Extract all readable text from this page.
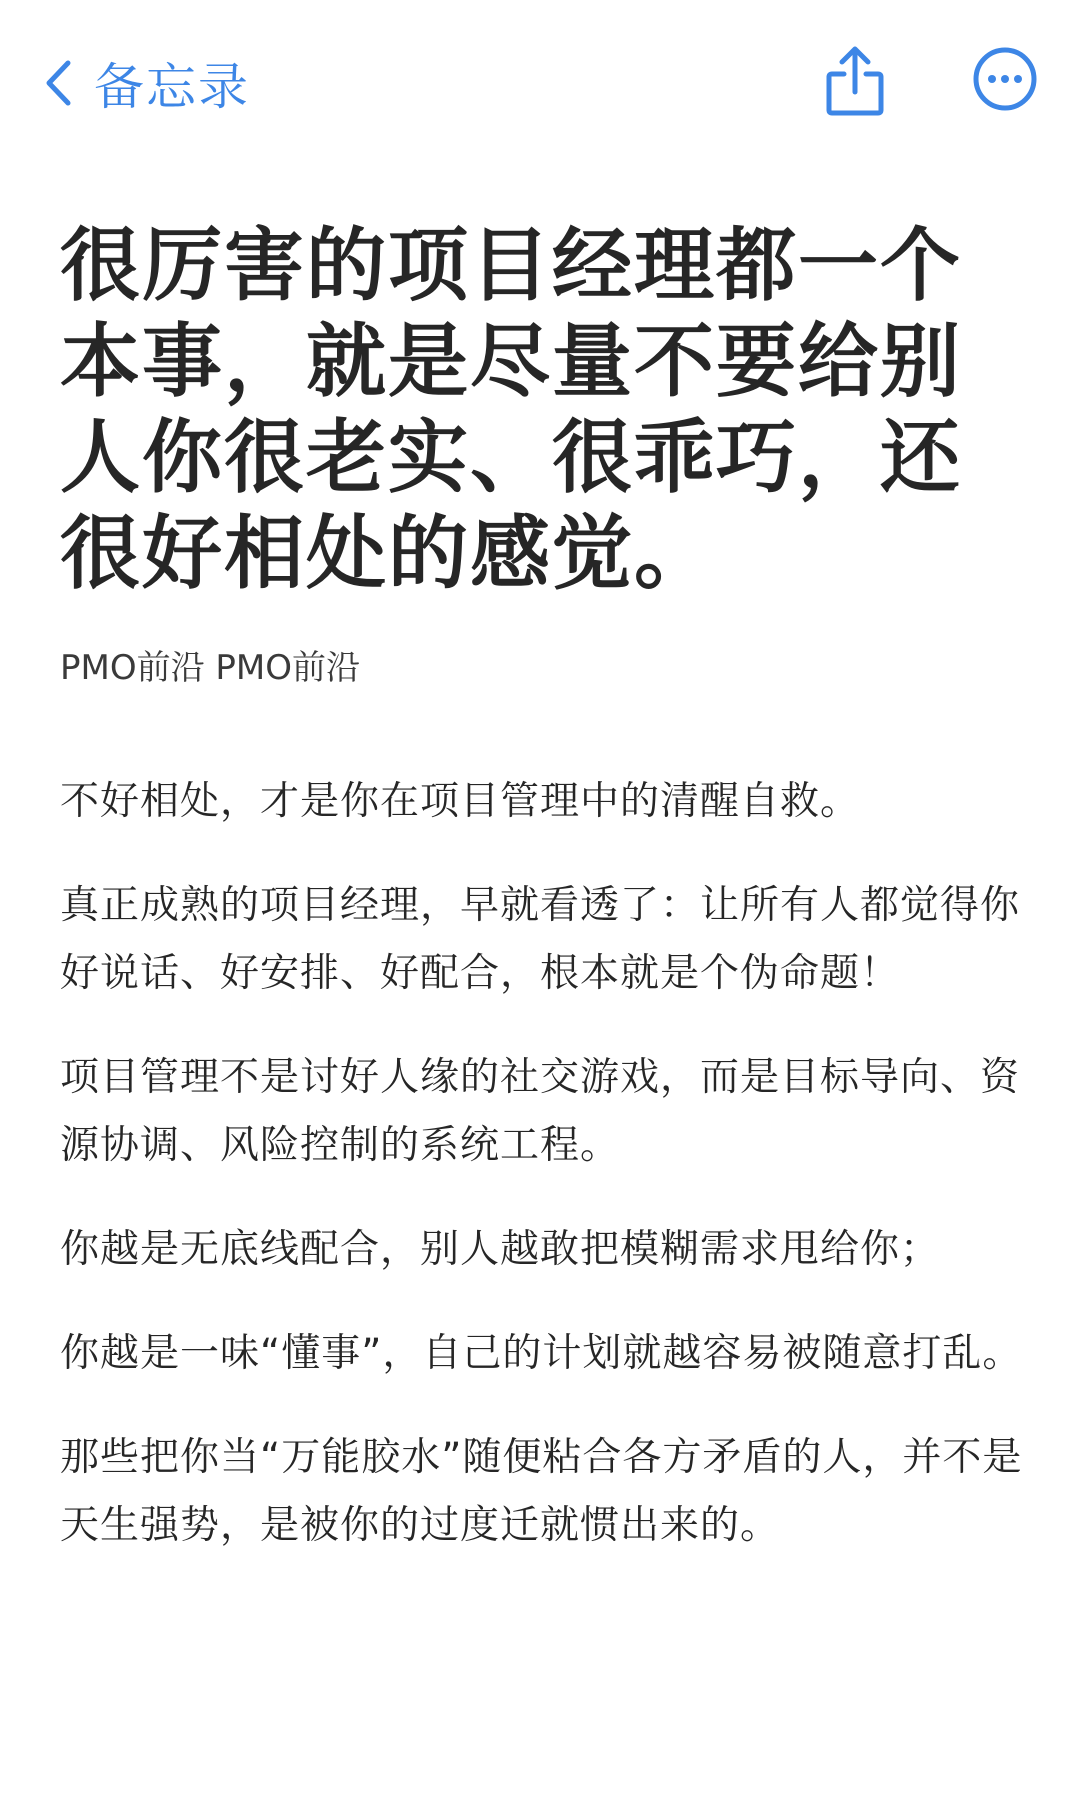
备忘录
很厉害的项目经理都一个本事，就是尽量不要给别人你很老实、很乖巧，还很好相处的感觉。
PMO前沿 PMO前沿

不好相处，才是你在项目管理中的清醒自救。

真正成熟的项目经理，早就看透了：让所有人都觉得你好说话、好安排、好配合，根本就是个伪命题！

项目管理不是讨好人缘的社交游戏，而是目标导向、资源协调、风险控制的系统工程。

你越是无底线配合，别人越敢把模糊需求甩给你；

你越是一味“懂事”，自己的计划就越容易被随意打乱。

那些把你当“万能胶水”随便粘合各方矛盾的人，并不是天生强势，是被你的过度迁就惯出来的。
